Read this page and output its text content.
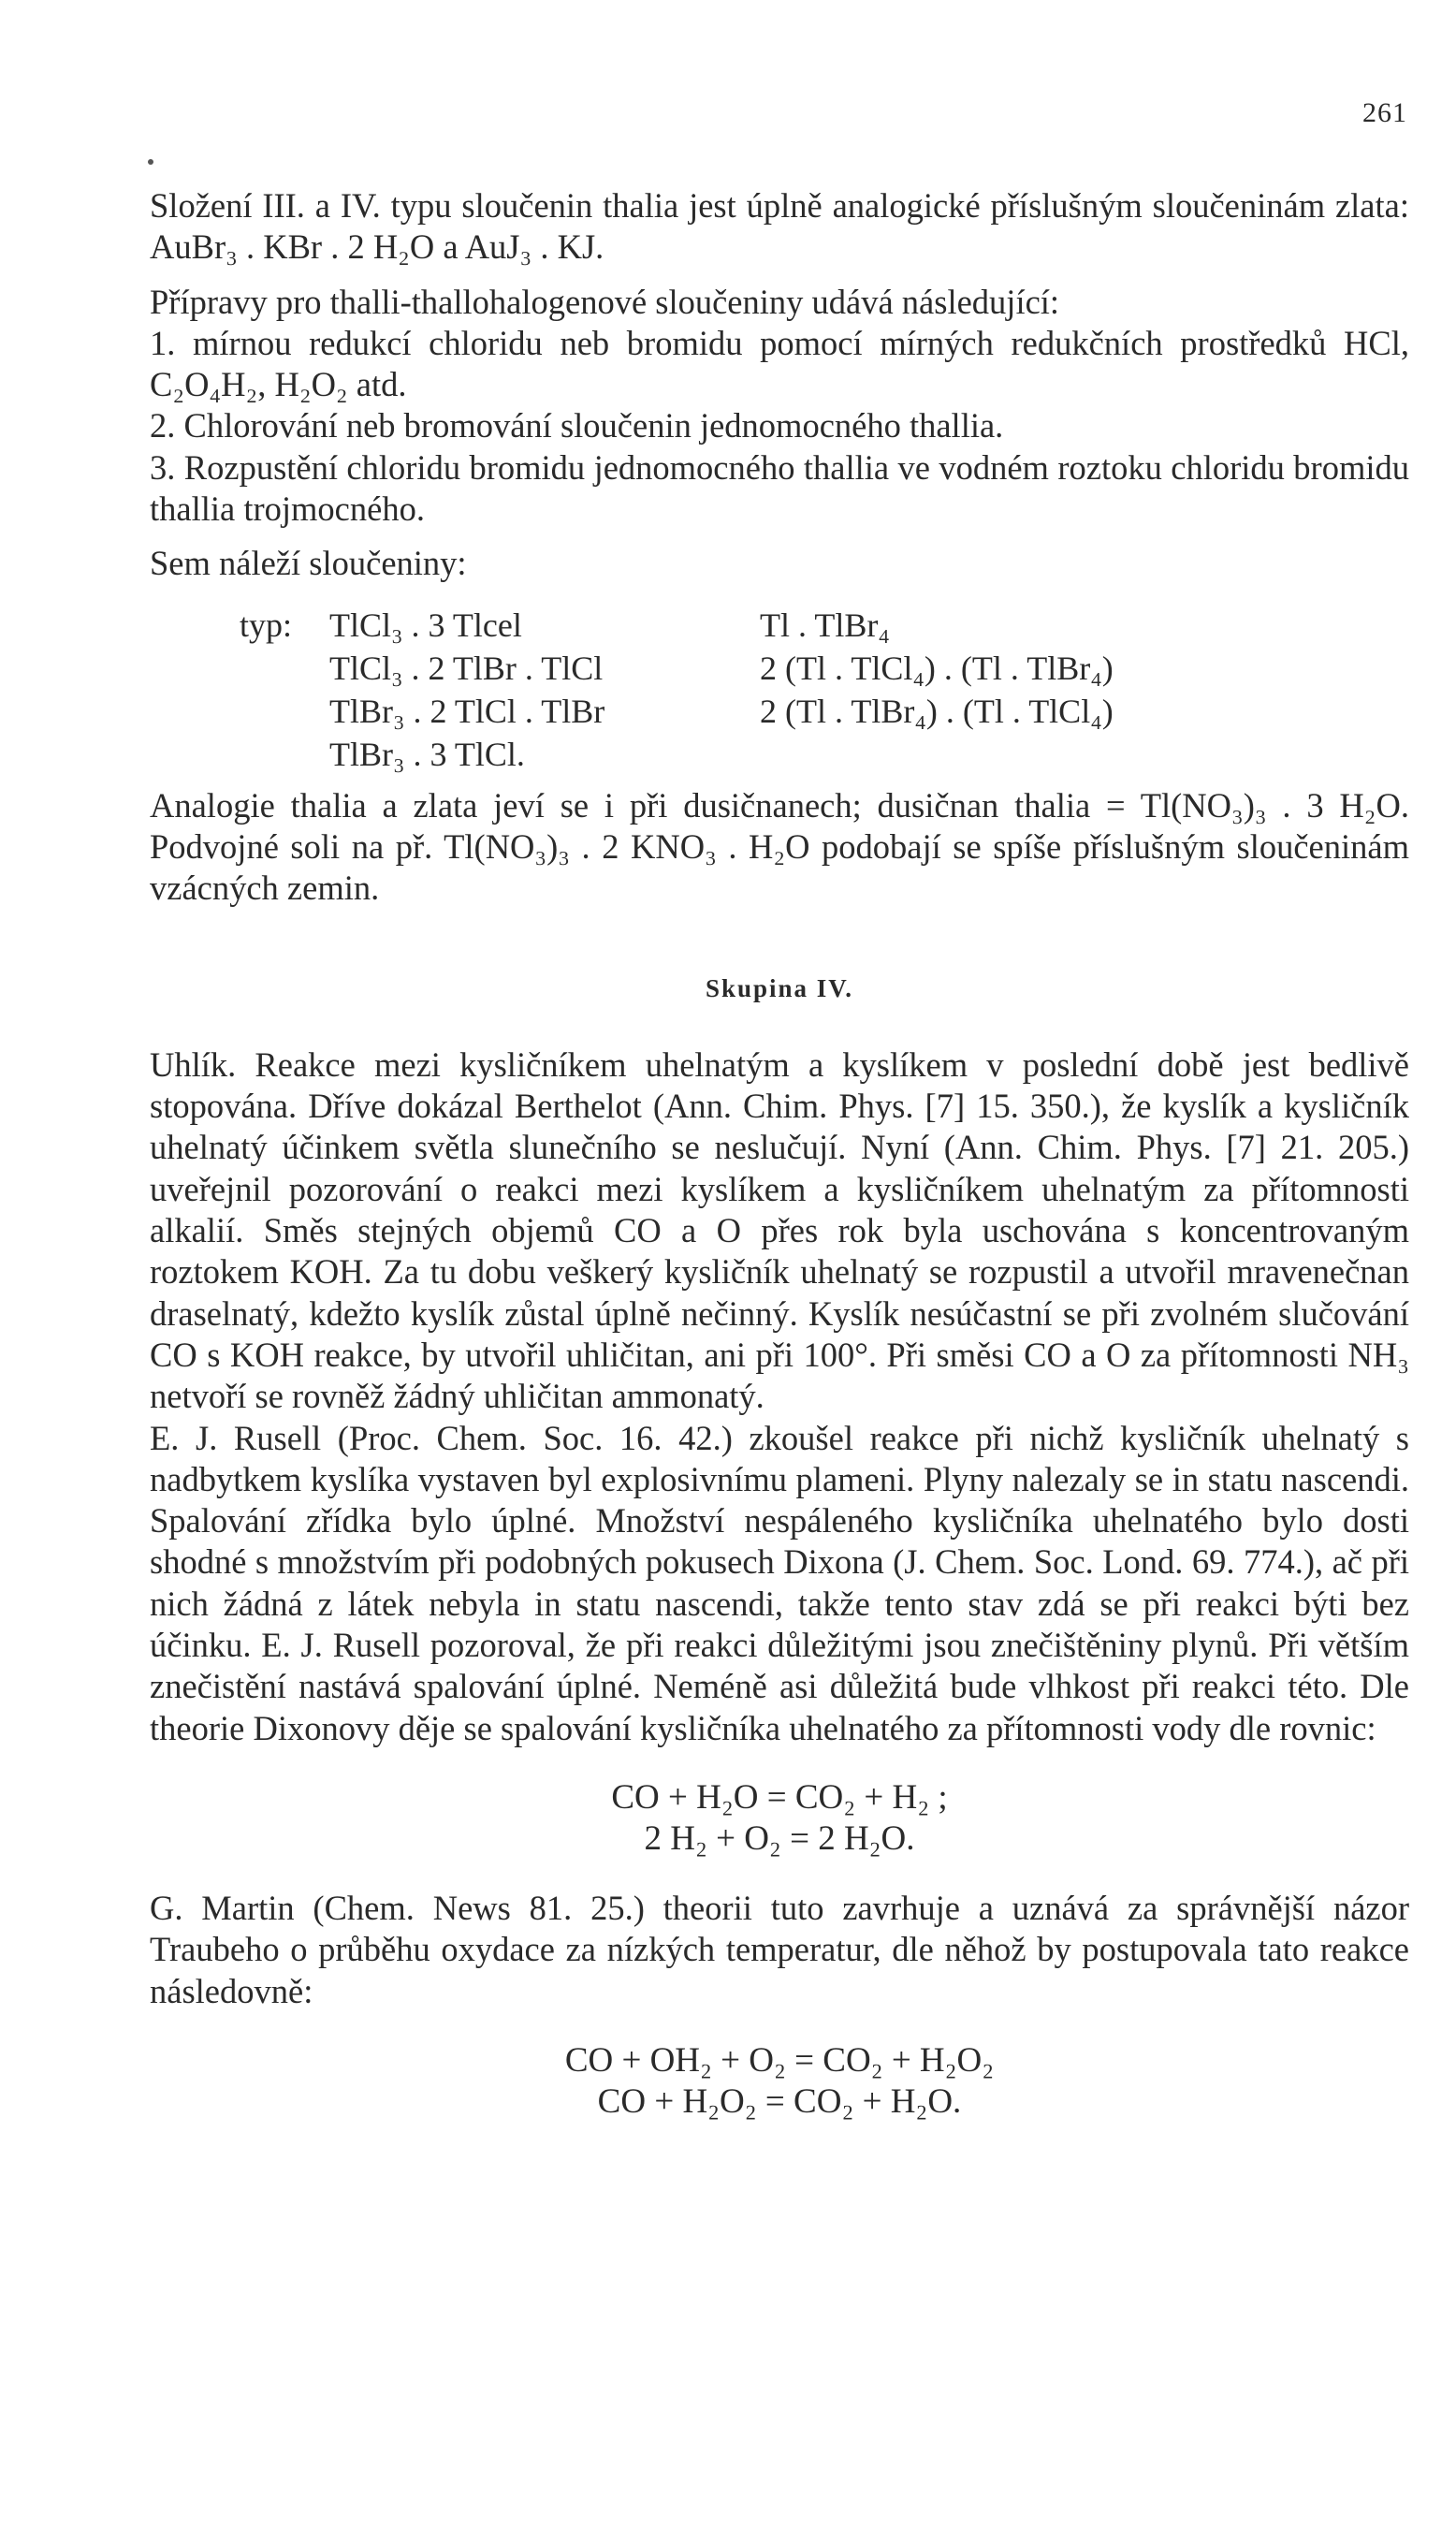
261

Složení III. a IV. typu sloučenin thalia jest úplně analogické příslušným sloučeninám zlata: AuBr₃ . KBr . 2 H₂O a AuJ₃ . KJ.

Přípravy pro thalli-thallohalogenové sloučeniny udává následující:

1. mírnou redukcí chloridu neb bromidu pomocí mírných redukčních prostředků HCl, C₂O₄H₂, H₂O₂ atd.

2. Chlorování neb bromování sloučenin jednomocného thallia.

3. Rozpustění chloridu bromidu jednomocného thallia ve vodném roztoku chloridu bromidu thallia trojmocného.

Sem náleží sloučeniny:

typ:	TlCl₃ . 3 Tlcel	Tl . TlBr₄
TlCl₃ . 2 TlBr . TlCl	2 (Tl . TlCl₄) . (Tl . TlBr₄)
TlBr₃ . 2 TlCl . TlBr	2 (Tl . TlBr₄) . (Tl . TlCl₄)
TlBr₃ . 3 TlCl.

Analogie thalia a zlata jeví se i při dusičnanech; dusičnan thalia = Tl(NO₃)₃ . 3 H₂O. Podvojné soli na př. Tl(NO₃)₃ . 2 KNO₃ . H₂O podobají se spíše příslušným sloučeninám vzácných zemin.

Skupina IV.

Uhlík. Reakce mezi kysličníkem uhelnatým a kyslíkem v poslední době jest bedlivě stopována. Dříve dokázal Berthelot (Ann. Chim. Phys. [7] 15. 350.), že kyslík a kysličník uhelnatý účinkem světla slunečního se neslučují. Nyní (Ann. Chim. Phys. [7] 21. 205.) uveřejnil pozorování o reakci mezi kyslíkem a kysličníkem uhelnatým za přítomnosti alkalií. Směs stejných objemů CO a O přes rok byla uschována s koncentrovaným roztokem KOH. Za tu dobu veškerý kysličník uhelnatý se rozpustil a utvořil mravenečnan draselnatý, kdežto kyslík zůstal úplně nečinný. Kyslík nesúčastní se při zvolném slučování CO s KOH reakce, by utvořil uhličitan, ani při 100°. Při směsi CO a O za přítomnosti NH₃ netvoří se rovněž žádný uhličitan ammonatý.

E. J. Rusell (Proc. Chem. Soc. 16. 42.) zkoušel reakce při nichž kysličník uhelnatý s nadbytkem kyslíka vystaven byl explosivnímu plameni. Plyny nalezaly se in statu nascendi. Spalování zřídka bylo úplné. Množství nespáleného kysličníka uhelnatého bylo dosti shodné s množstvím při podobných pokusech Dixona (J. Chem. Soc. Lond. 69. 774.), ač při nich žádná z látek nebyla in statu nascendi, takže tento stav zdá se při reakci býti bez účinku. E. J. Rusell pozoroval, že při reakci důležitými jsou znečištěniny plynů. Při větším znečistění nastává spalování úplné. Neméně asi důležitá bude vlhkost při reakci této. Dle theorie Dixonovy děje se spalování kysličníka uhelnatého za přítomnosti vody dle rovnic:

CO + H₂O = CO₂ + H₂ ;
2 H₂ + O₂ = 2 H₂O.

G. Martin (Chem. News 81. 25.) theorii tuto zavrhuje a uznává za správnější názor Traubeho o průběhu oxydace za nízkých temperatur, dle něhož by postupovala tato reakce následovně:

CO + OH₂ + O₂ = CO₂ + H₂O₂
CO + H₂O₂ = CO₂ + H₂O.
